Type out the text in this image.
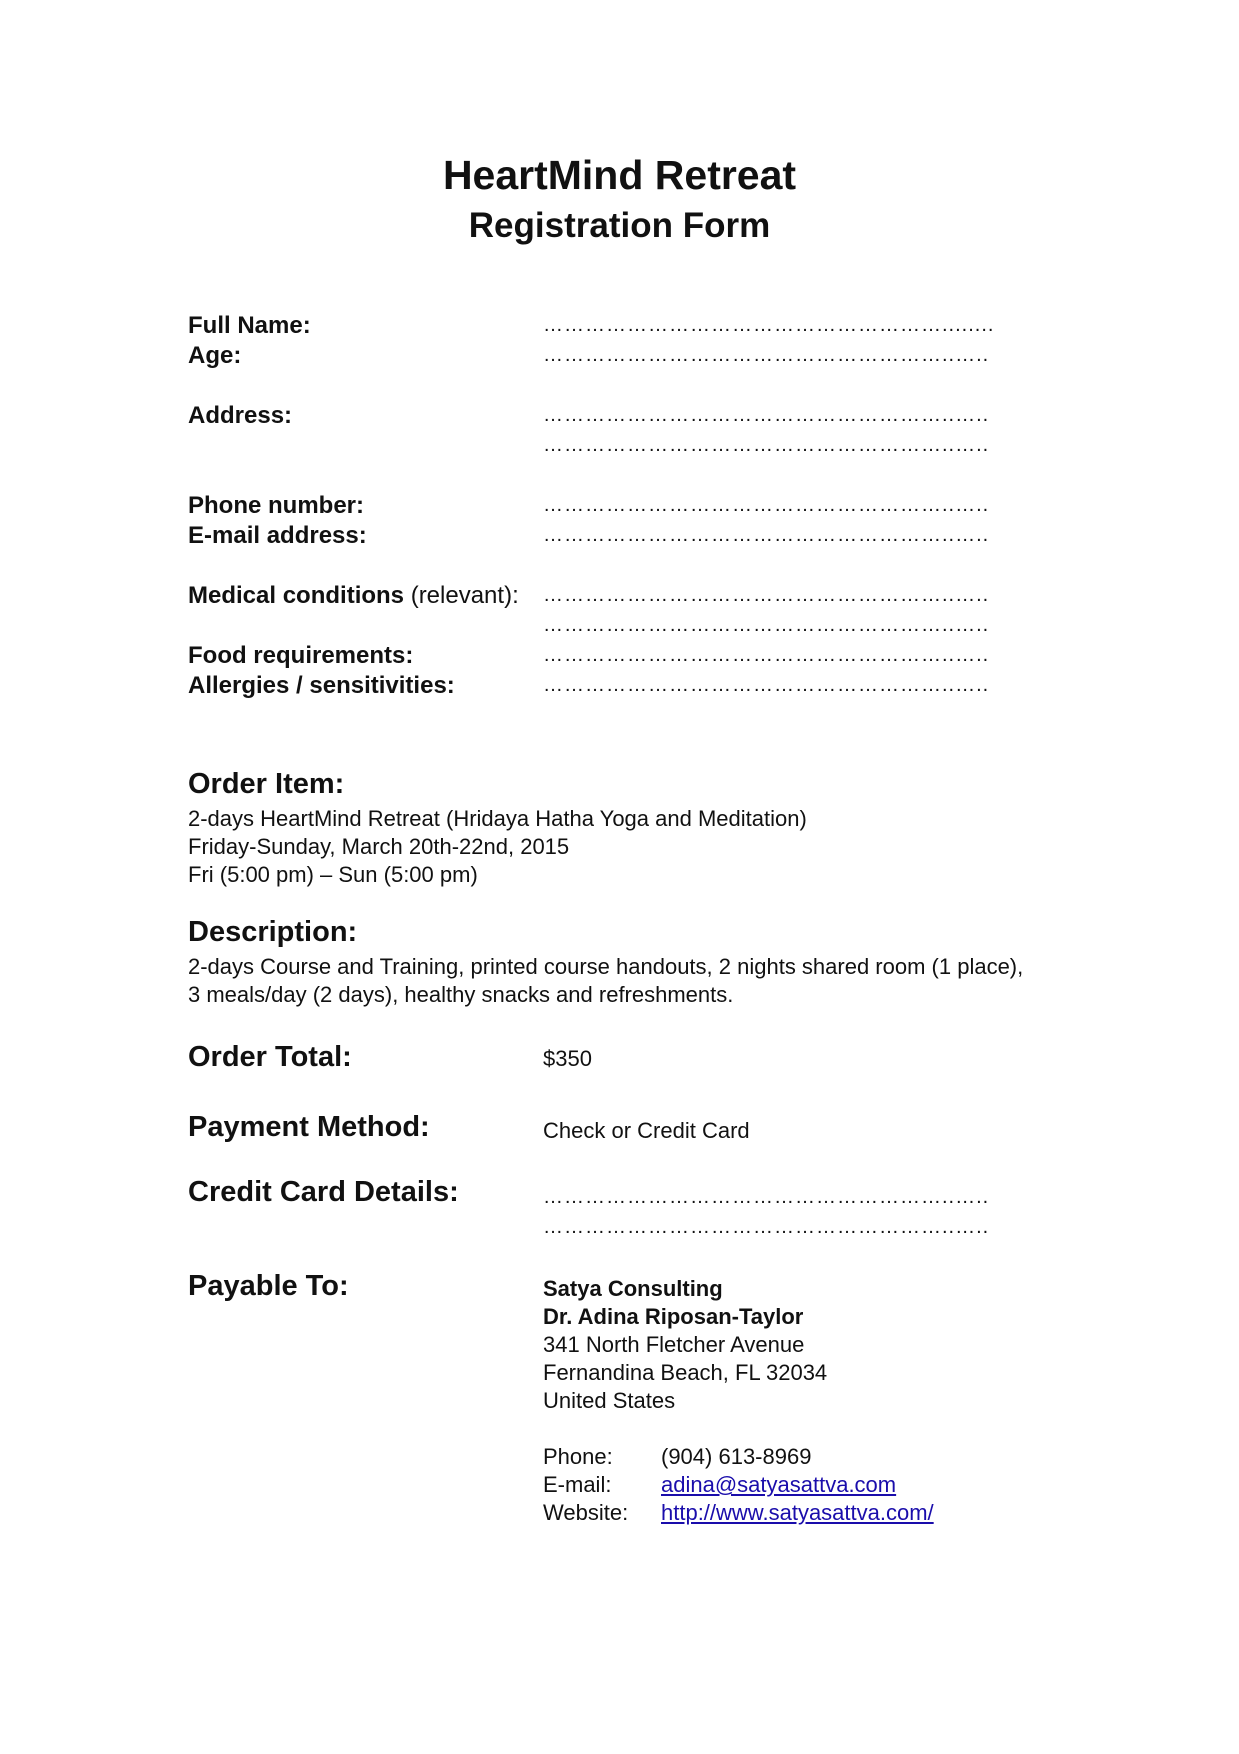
HeartMind Retreat
Registration Form
Full Name:	…………………………………………………........
Age:	…………………………………………………..…..
Address:	…………………………………………………..…..
…………………………………………………..…..
Phone number:	…………………………………………………..…..
E-mail address:	…………………………………………………..…..
Medical conditions (relevant): …………………………………………………..…..
…………………………………………………..…..
Food requirements:	…………………………………………………..…..
Allergies / sensitivities:	…………………………………………………..…..
Order Item:
2-days HeartMind Retreat (Hridaya Hatha Yoga and Meditation)
Friday-Sunday, March 20th-22nd, 2015
Fri (5:00 pm) – Sun (5:00 pm)
Description:
2-days Course and Training, printed course handouts, 2 nights shared room (1 place),
3 meals/day (2 days), healthy snacks and refreshments.
Order Total:	$350
Payment Method:	Check or Credit Card
Credit Card Details:	…………………………………………………..…..
…………………………………………………..…..
Payable To:	Satya Consulting
Dr. Adina Riposan-Taylor
341 North Fletcher Avenue
Fernandina Beach, FL 32034
United States
Phone: (904) 613-8969
E-mail: adina@satyasattva.com
Website: http://www.satyasattva.com/
